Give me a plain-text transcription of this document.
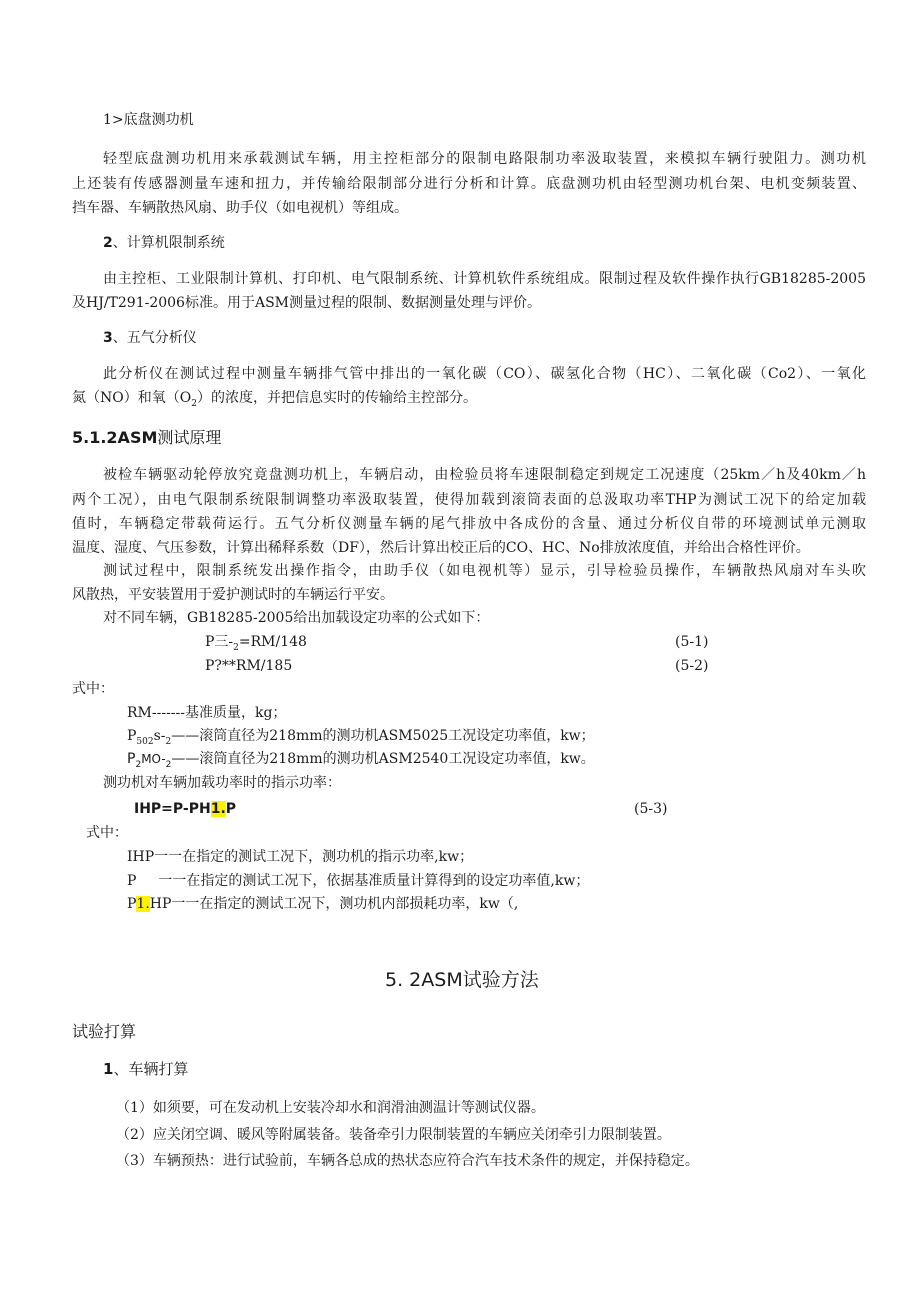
1>底盘测功机
轻型底盘测功机用来承载测试车辆，用主控柜部分的限制电路限制功率汲取装置，来模拟车辆行驶阻力。测功机
上还装有传感器测量车速和扭力，并传输给限制部分进行分析和计算。底盘测功机由轻型测功机台架、电机变频装置、
挡车器、车辆散热风扇、助手仪（如电视机）等组成。
2、计算机限制系统
由主控柜、工业限制计算机、打印机、电气限制系统、计算机软件系统组成。限制过程及软件操作执行GB18285-2005
及HJ/T291-2006标准。用于ASM测量过程的限制、数据测量处理与评价。
3、五气分析仪
此分析仪在测试过程中测量车辆排气管中排出的一氧化碳（CO）、碳氢化合物（HC）、二氧化碳（Co2）、一氧化
氮（NO）和氧$(O_2)$的浓度，并把信息实时的传输给主控部分。
5.1.2ASM测试原理
被检车辆驱动轮停放究竟盘测功机上，车辆启动，由检验员将车速限制稳定到规定工况速度（25km／h及40km／h
两个工况），由电气限制系统限制调整功率汲取装置，使得加载到滚筒表面的总汲取功率THP为测试工况下的给定加载
值时，车辆稳定带载荷运行。五气分析仪测量车辆的尾气排放中各成份的含量、通过分析仪自带的环境测试单元测取
温度、湿度、气压参数，计算出稀释系数（DF），然后计算出校正后的CO、HC、No排放浓度值，并给出合格性评价。
测试过程中，限制系统发出操作指令，由助手仪（如电视机等）显示，引导检验员操作，车辆散热风扇对车头吹
风散热，平安装置用于爱护测试时的车辆运行平安。
对不同车辆，GB18285-2005给出加载设定功率的公式如下：
P三$-_2=RM/148$	(5-1)
P?**RM/185	(5-2)
式中：
RM-------基准质量，kg；
$P_{502}s-_2——$滚筒直径为218mm的测功机ASM5025工况设定功率值，kw；
$P_2MO-_2——$滚筒直径为218mm的测功机ASM2540工况设定功率值，kw。
测功机对车辆加载功率时的指示功率：
IHP=P-PH1.P	(5-3)
式中：
IHP一一在指定的测试工况下，测功机的指示功率,kw；
P 一一在指定的测试工况下，依据基准质量计算得到的设定功率值,kw；
P1.HP一一在指定的测试工况下，测功机内部损耗功率，kw（,
5. 2ASM试验方法
试验打算
1、车辆打算
（1）如须要，可在发动机上安装冷却水和润滑油测温计等测试仪器。
（2）应关闭空调、暖风等附属装备。装备牵引力限制装置的车辆应关闭牵引力限制装置。
（3）车辆预热：进行试验前，车辆各总成的热状态应符合汽车技术条件的规定，并保持稳定。
